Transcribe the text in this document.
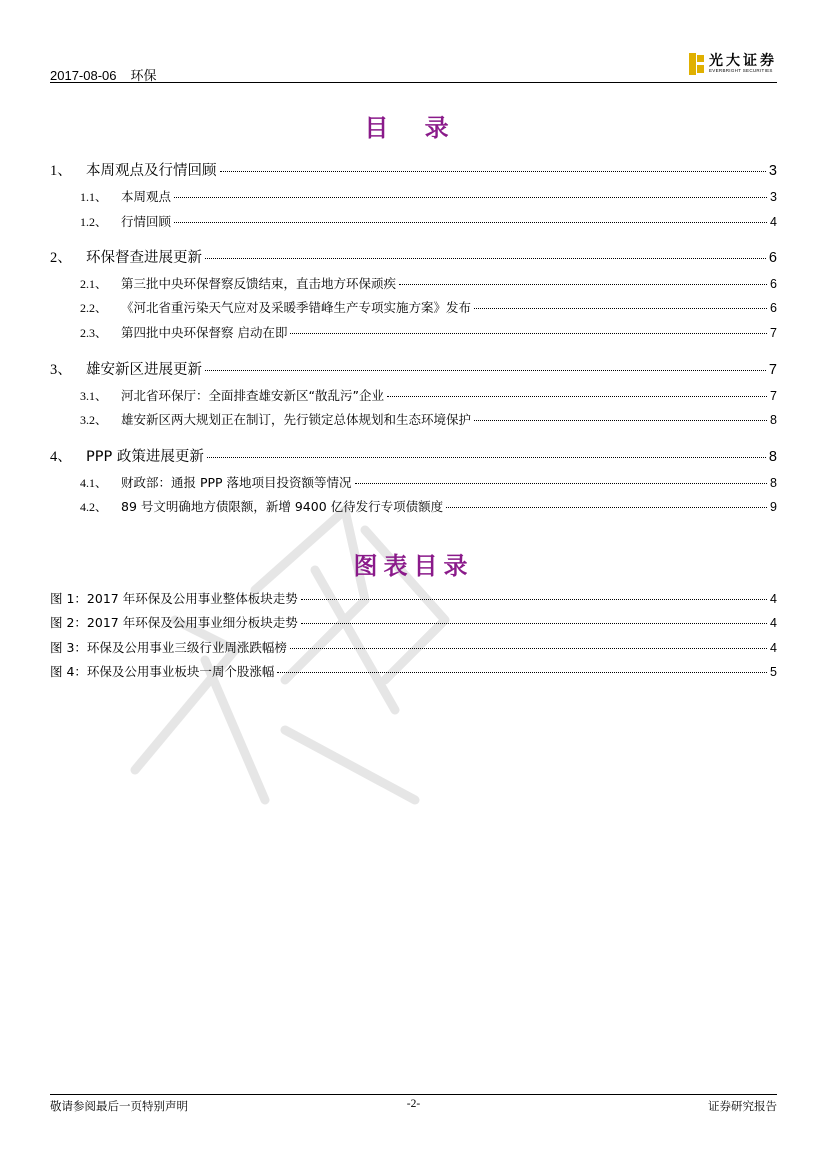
2017-08-06 环保
光大证券
EVERBRIGHT SECURITIES
目 录
1、 本周观点及行情回顾	3
1.1、	本周观点	3
1.2、	行情回顾	4
2、 环保督查进展更新	6
2.1、	第三批中央环保督察反馈结束，直击地方环保顽疾	6
2.2、	《河北省重污染天气应对及采暖季错峰生产专项实施方案》发布	6
2.3、	第四批中央环保督察 启动在即	7
3、 雄安新区进展更新	7
3.1、	河北省环保厅：全面排查雄安新区“散乱污”企业	7
3.2、	雄安新区两大规划正在制订，先行锁定总体规划和生态环境保护	8
4、 PPP 政策进展更新	8
4.1、	财政部：通报 PPP 落地项目投资额等情况	8
4.2、	89 号文明确地方债限额，新增 9400 亿待发行专项债额度	9
图表目录
图 1：2017 年环保及公用事业整体板块走势	4
图 2：2017 年环保及公用事业细分板块走势	4
图 3：环保及公用事业三级行业周涨跌幅榜	4
图 4：环保及公用事业板块一周个股涨幅	5
敬请参阅最后一页特别声明	-2-	证券研究报告
